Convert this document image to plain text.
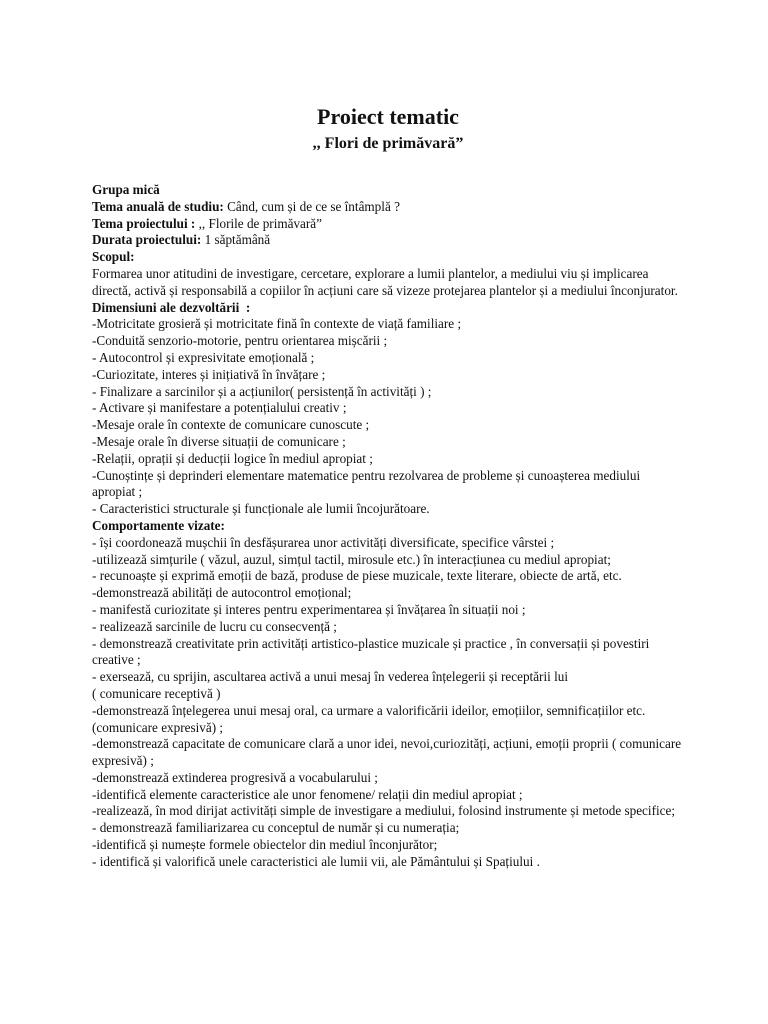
Proiect tematic
,, Flori de primăvară”
Grupa mică
Tema anuală de studiu: Când, cum și de ce se întâmplă ?
Tema proiectului : ,, Florile de primăvară”
Durata proiectului: 1 săptămână
Scopul:
Formarea unor atitudini de investigare, cercetare, explorare a lumii plantelor, a mediului viu și implicarea directă, activă și responsabilă a copiilor în acțiuni care să vizeze protejarea plantelor și a mediului înconjurator.
Dimensiuni ale dezvoltării  :
-Motricitate grosieră și motricitate fină în contexte de viață familiare ;
-Conduită senzorio-motorie, pentru orientarea mișcării ;
- Autocontrol și expresivitate emoțională ;
-Curiozitate, interes și inițiativă în învățare ;
- Finalizare a sarcinilor și a acțiunilor( persistență în activități ) ;
- Activare și manifestare a potențialului creativ ;
-Mesaje orale în contexte de comunicare cunoscute ;
-Mesaje orale în diverse situații de comunicare ;
-Relații, oprații și deducții logice în mediul apropiat ;
-Cunoștințe și deprinderi elementare matematice pentru rezolvarea de probleme și cunoașterea mediului apropiat ;
- Caracteristici structurale și funcționale ale lumii încojurătoare.
Comportamente vizate:
- își coordonează mușchii în desfășurarea unor activități diversificate, specifice vârstei ;
-utilizează simțurile ( văzul, auzul, simțul tactil, mirosule etc.) în interacțiunea cu mediul apropiat;
- recunoaște și exprimă emoții de bază, produse de piese muzicale, texte literare, obiecte de artă, etc.
-demonstrează abilități de autocontrol emoțional;
- manifestă curiozitate și interes pentru experimentarea și învățarea în situații noi ;
- realizează sarcinile de lucru cu consecvență ;
- demonstrează creativitate prin activități artistico-plastice muzicale și practice , în conversații și povestiri creative ;
- exersează, cu sprijin, ascultarea activă a unui mesaj în vederea înțelegerii și receptării lui
( comunicare receptivă )
-demonstrează înțelegerea unui mesaj oral, ca urmare a valorificării ideilor, emoțiilor, semnificațiilor etc. (comunicare expresivă) ;
-demonstrează capacitate de comunicare clară a unor idei, nevoi,curiozități, acțiuni, emoții proprii ( comunicare expresivă) ;
-demonstrează extinderea progresivă a vocabularului ;
-identifică elemente caracteristice ale unor fenomene/ relații din mediul apropiat ;
-realizează, în mod dirijat activități simple de investigare a mediului, folosind instrumente și metode specifice;
- demonstrează familiarizarea cu conceptul de număr și cu numerația;
-identifică și numește formele obiectelor din mediul înconjurător;
- identifică și valorifică unele caracteristici ale lumii vii, ale Pământului și Spațiului .
